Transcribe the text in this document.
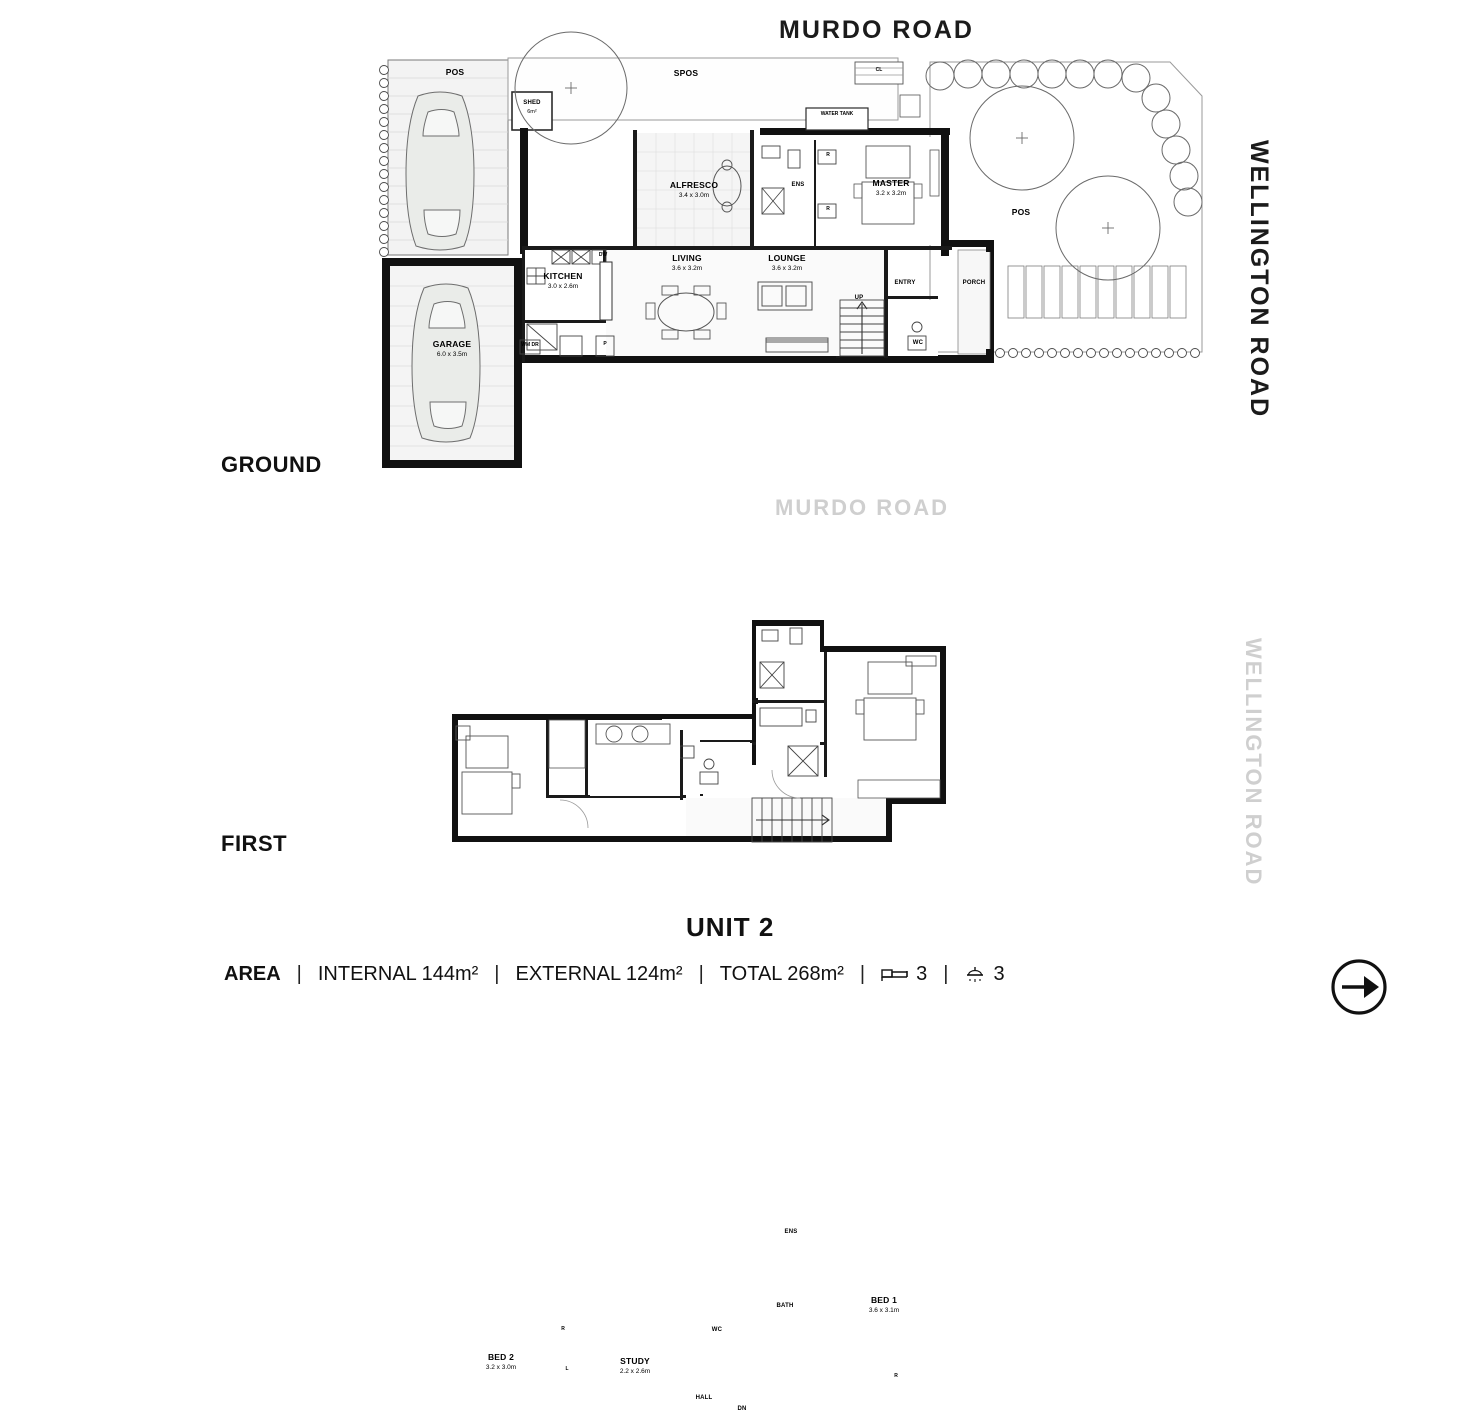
MURDO ROAD
MURDO ROAD
WELLINGTON ROAD
WELLINGTON ROAD
GROUND
FIRST
UNIT 2
AREA | INTERNAL 144m² | EXTERNAL 124m² | TOTAL 268m² |	3 | 3
POS	SPOS
SHED
6m²
ALFRESCO
3.4 x 3.0m
ENS	MASTER
3.2 x 3.2m
POS
KITCHEN
3.0 x 2.6m
LIVING
3.6 x 3.2m
LOUNGE
3.6 x 3.2m
ENTRY	PORCH
GARAGE
6.0 x 3.5m
WC
WATER TANK
CL
DW
WM DR	P
R
R
UP
ENS
BED 1
3.6 x 3.1m
BATH
WC
BED 2
3.2 x 3.0m
STUDY
2.2 x 2.6m
HALL
R
R
L
DN
